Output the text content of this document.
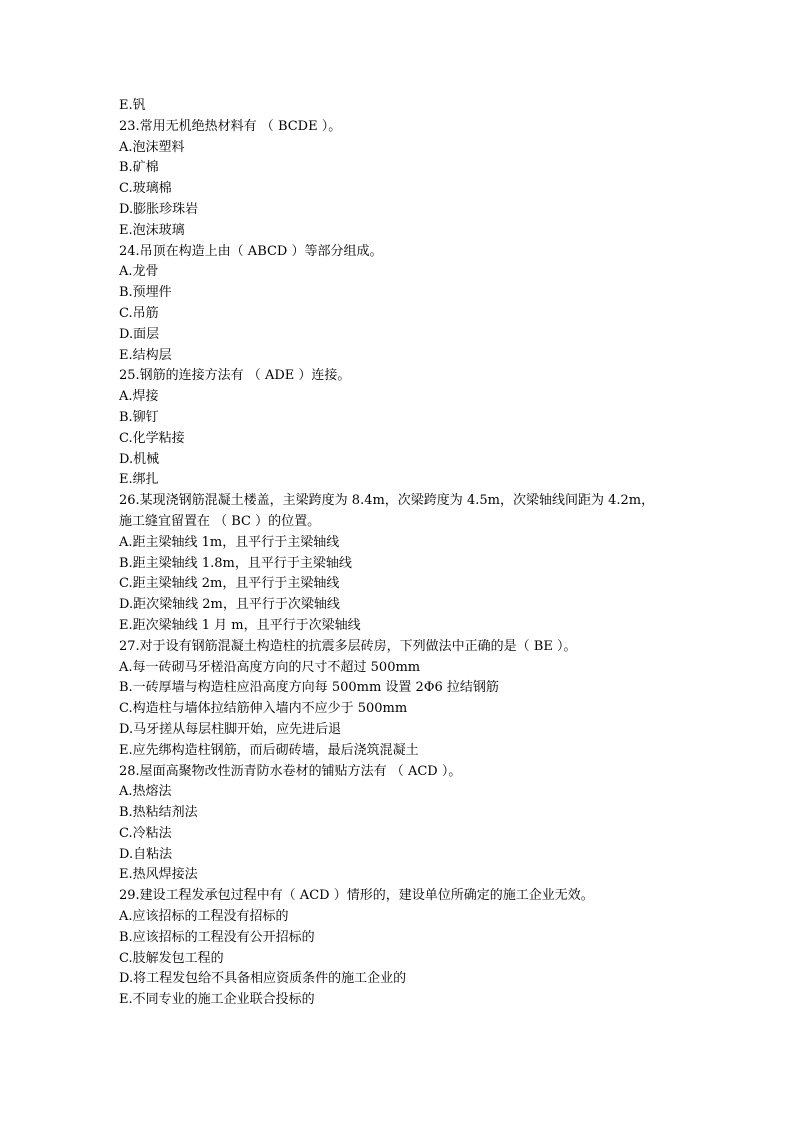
E.钒
23.常用无机绝热材料有 （ BCDE ）。
A.泡沫塑料
B.矿棉
C.玻璃棉
D.膨胀珍珠岩
E.泡沫玻璃
24.吊顶在构造上由（ ABCD ）等部分组成。
A.龙骨
B.预埋件
C.吊筋
D.面层
E.结构层
25.钢筋的连接方法有 （ ADE ）连接。
A.焊接
B.铆钉
C.化学粘接
D.机械
E.绑扎
26.某现浇钢筋混凝土楼盖，主梁跨度为 8.4m，次梁跨度为 4.5m，次梁轴线间距为 4.2m，
施工缝宜留置在 （ BC ）的位置。
A.距主梁轴线 1m，且平行于主梁轴线
B.距主梁轴线 1.8m，且平行于主梁轴线
C.距主梁轴线 2m，且平行于主梁轴线
D.距次梁轴线 2m，且平行于次梁轴线
E.距次梁轴线 1 月 m，且平行于次梁轴线
27.对于设有钢筋混凝土构造柱的抗震多层砖房，下列做法中正确的是（ BE ）。
A.每一砖砌马牙槎沿高度方向的尺寸不超过 500mm
B.一砖厚墙与构造柱应沿高度方向每 500mm 设置 2Φ6 拉结钢筋
C.构造柱与墙体拉结筋伸入墙内不应少于 500mm
D.马牙搓从每层柱脚开始，应先进后退
E.应先绑构造柱钢筋，而后砌砖墙，最后浇筑混凝土
28.屋面高聚物改性沥青防水卷材的铺贴方法有 （ ACD ）。
A.热熔法
B.热粘结剂法
C.冷粘法
D.自粘法
E.热风焊接法
29.建设工程发承包过程中有（ ACD ）情形的，建设单位所确定的施工企业无效。
A.应该招标的工程没有招标的
B.应该招标的工程没有公开招标的
C.肢解发包工程的
D.将工程发包给不具备相应资质条件的施工企业的
E.不同专业的施工企业联合投标的
